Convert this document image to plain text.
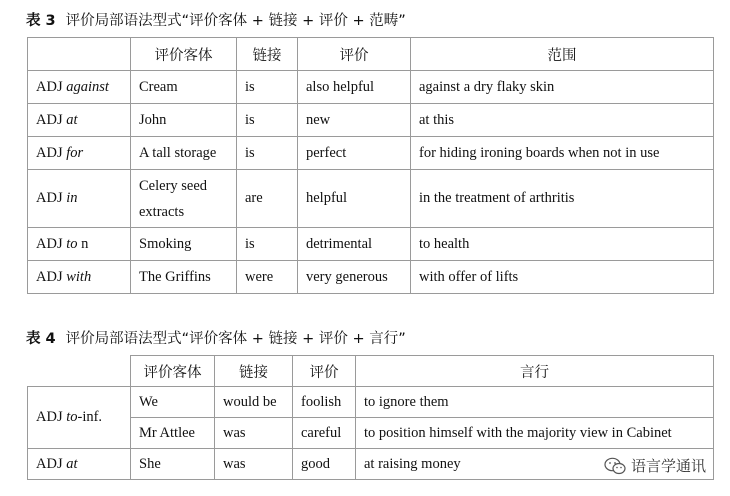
表 3 评价局部语法型式“评价客体 + 链接 + 评价 + 范畴”
	评价客体	链接	评价	范围
ADJ against	Cream	is	also helpful	against a dry flaky skin
ADJ at	John	is	new	at this
ADJ for	A tall storage	is	perfect	for hiding ironing boards when not in use
ADJ in	Celery seed extracts	are	helpful	in the treatment of arthritis
ADJ to n	Smoking	is	detrimental	to health
ADJ with	The Griffins	were	very generous	with offer of lifts
表 4 评价局部语法型式“评价客体 + 链接 + 评价 + 言行”
	评价客体	链接	评价	言行
ADJ to-inf.	We	would be	foolish	to ignore them
	Mr Attlee	was	careful	to position himself with the majority view in Cabinet
ADJ at	She	was	good	at raising money	语言学通讯
